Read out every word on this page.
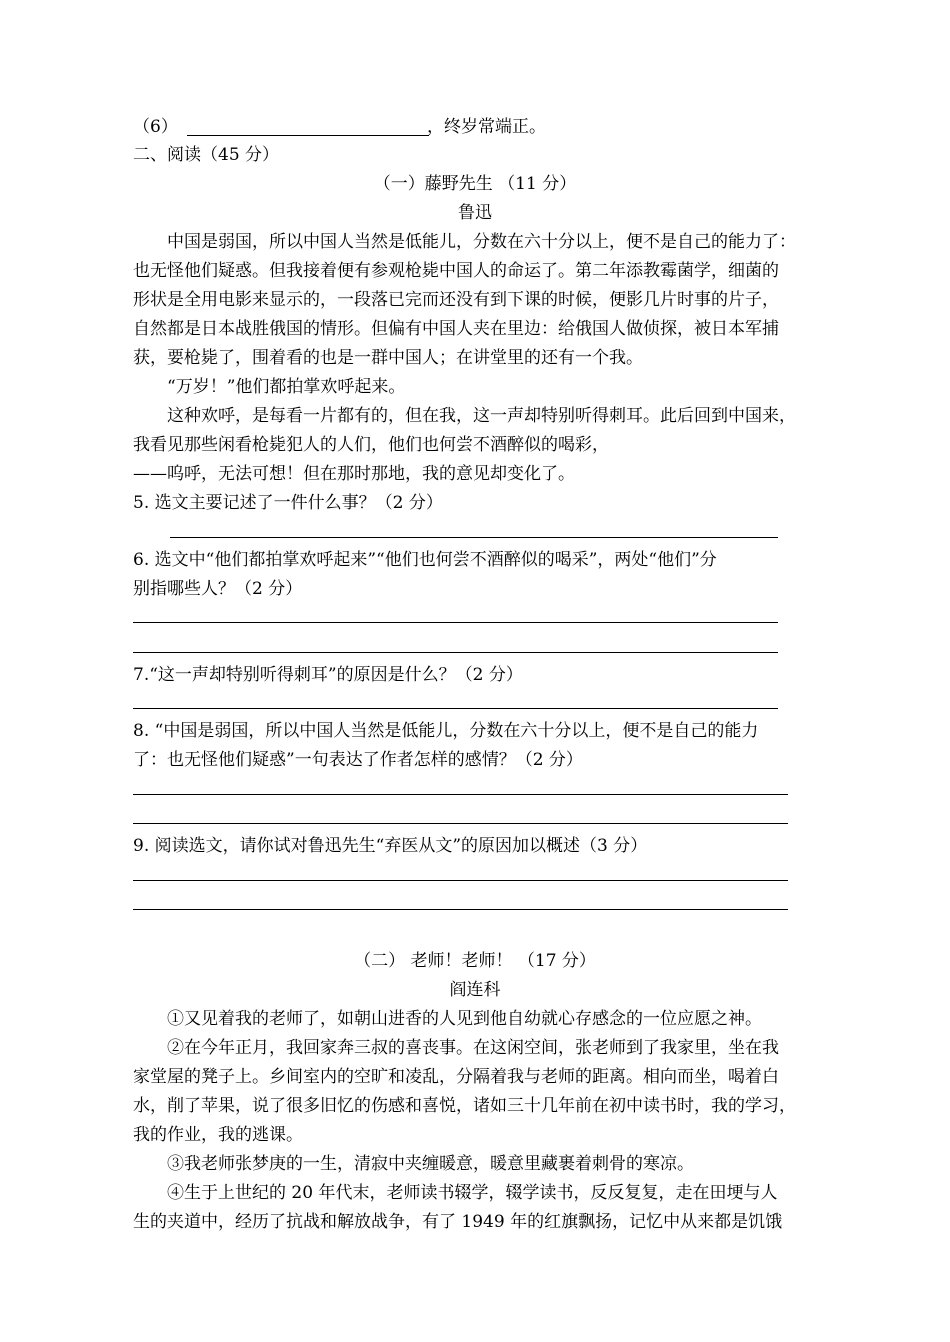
（6）	，终岁常端正。
二、阅读（45 分）
（一）藤野先生 （11 分）
鲁迅
中国是弱国，所以中国人当然是低能儿，分数在六十分以上，便不是自己的能力了：
也无怪他们疑惑。但我接着便有参观枪毙中国人的命运了。第二年添教霉菌学，细菌的
形状是全用电影来显示的，一段落已完而还没有到下课的时候，便影几片时事的片子，
自然都是日本战胜俄国的情形。但偏有中国人夹在里边：给俄国人做侦探，被日本军捕
获，要枪毙了，围着看的也是一群中国人；在讲堂里的还有一个我。
“万岁！”他们都拍掌欢呼起来。
这种欢呼，是每看一片都有的，但在我，这一声却特别听得刺耳。此后回到中国来，
我看见那些闲看枪毙犯人的人们，他们也何尝不酒醉似的喝彩，
——呜呼，无法可想！但在那时那地，我的意见却变化了。
5. 选文主要记述了一件什么事？（2 分）
6. 选文中“他们都拍掌欢呼起来”“他们也何尝不酒醉似的喝采”，两处“他们”分
别指哪些人？（2 分）
7.“这一声却特别听得刺耳”的原因是什么？（2 分）
8. “中国是弱国，所以中国人当然是低能儿，分数在六十分以上，便不是自己的能力
了：也无怪他们疑惑”一句表达了作者怎样的感情？（2 分）
9. 阅读选文，请你试对鲁迅先生“弃医从文”的原因加以概述（3 分）
（二） 老师！老师！ （17 分）
阎连科
①又见着我的老师了，如朝山进香的人见到他自幼就心存感念的一位应愿之神。
②在今年正月，我回家奔三叔的喜丧事。在这闲空间，张老师到了我家里，坐在我
家堂屋的凳子上。乡间室内的空旷和凌乱，分隔着我与老师的距离。相向而坐，喝着白
水，削了苹果，说了很多旧忆的伤感和喜悦，诸如三十几年前在初中读书时，我的学习，
我的作业，我的逃课。
③我老师张梦庚的一生，清寂中夹缠暖意，暖意里藏裹着刺骨的寒凉。
④生于上世纪的 20 年代末，老师读书辍学，辍学读书，反反复复，走在田埂与人
生的夹道中，经历了抗战和解放战争，有了 1949 年的红旗飘扬，记忆中从来都是饥饿
